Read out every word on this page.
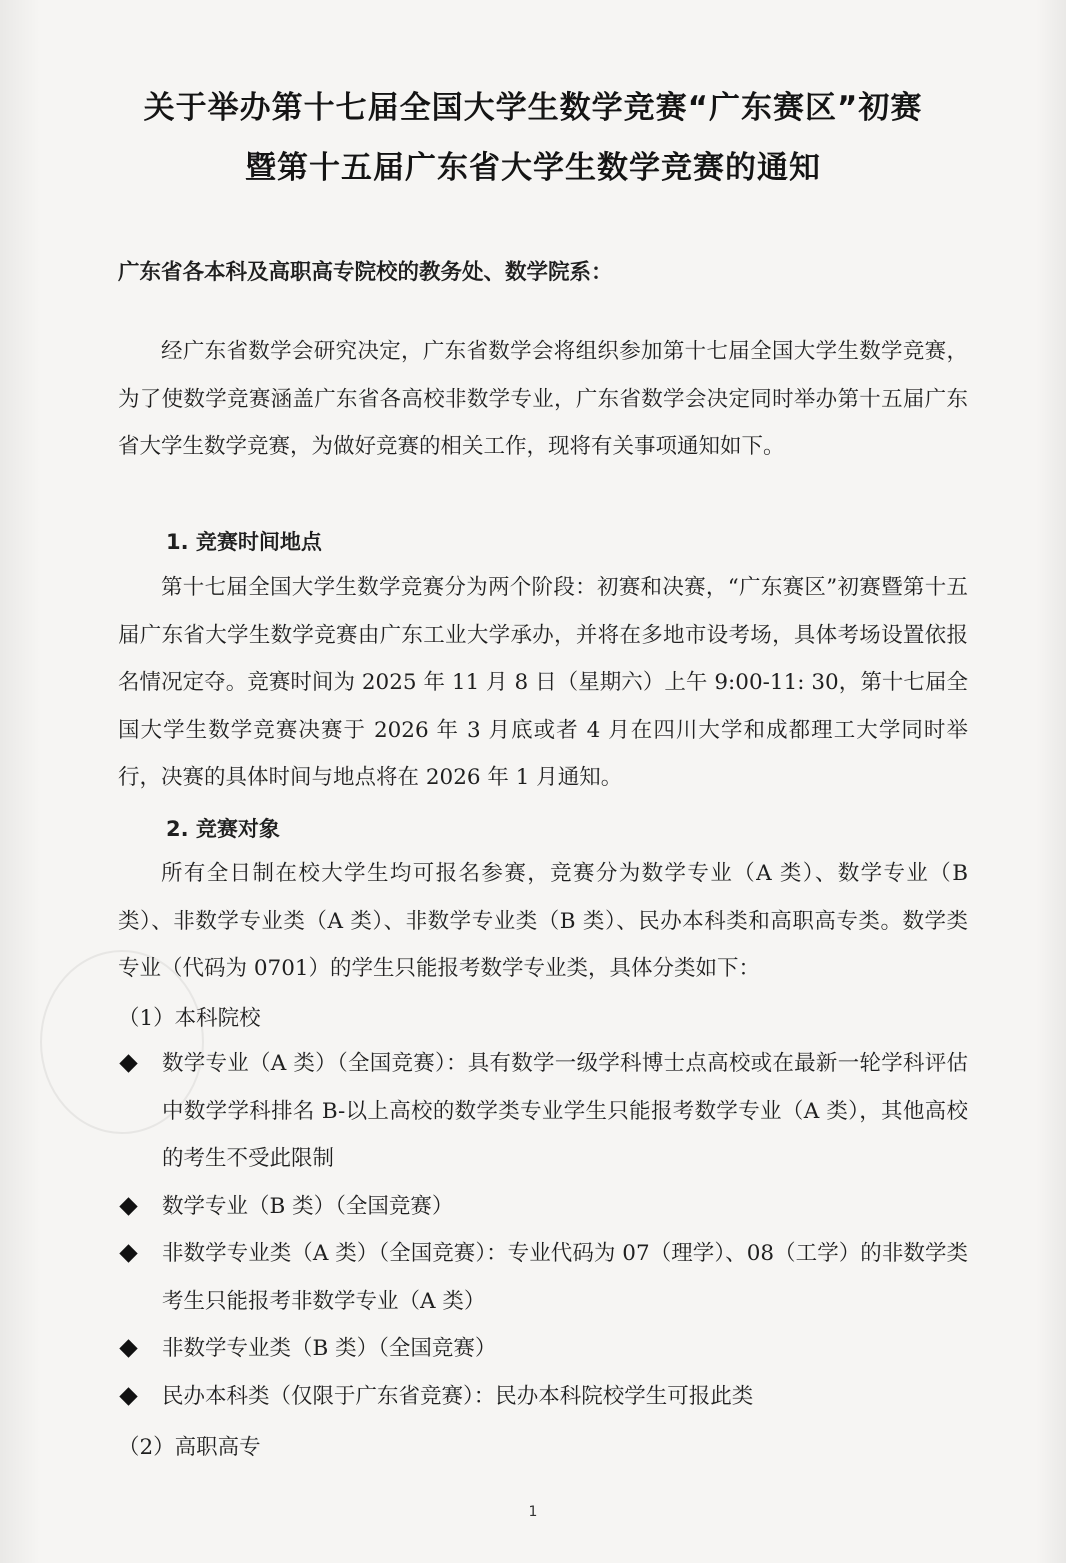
关于举办第十七届全国大学生数学竞赛“广东赛区”初赛
暨第十五届广东省大学生数学竞赛的通知
广东省各本科及高职高专院校的教务处、数学院系：
经广东省数学会研究决定，广东省数学会将组织参加第十七届全国大学生数学竞赛，为了使数学竞赛涵盖广东省各高校非数学专业，广东省数学会决定同时举办第十五届广东省大学生数学竞赛，为做好竞赛的相关工作，现将有关事项通知如下。
1. 竞赛时间地点
第十七届全国大学生数学竞赛分为两个阶段：初赛和决赛，“广东赛区”初赛暨第十五届广东省大学生数学竞赛由广东工业大学承办，并将在多地市设考场，具体考场设置依报名情况定夺。竞赛时间为 2025 年 11 月 8 日（星期六）上午 9:00-11: 30，第十七届全国大学生数学竞赛决赛于 2026 年 3 月底或者 4 月在四川大学和成都理工大学同时举行，决赛的具体时间与地点将在 2026 年 1 月通知。
2. 竞赛对象
所有全日制在校大学生均可报名参赛，竞赛分为数学专业（A 类）、数学专业（B 类）、非数学专业类（A 类）、非数学专业类（B 类）、民办本科类和高职高专类。数学类专业（代码为 0701）的学生只能报考数学专业类，具体分类如下：
（1）本科院校
数学专业（A 类）（全国竞赛）：具有数学一级学科博士点高校或在最新一轮学科评估中数学学科排名 B-以上高校的数学类专业学生只能报考数学专业（A 类），其他高校的考生不受此限制
数学专业（B 类）（全国竞赛）
非数学专业类（A 类）（全国竞赛）：专业代码为 07（理学）、08（工学）的非数学类考生只能报考非数学专业（A 类）
非数学专业类（B 类）（全国竞赛）
民办本科类（仅限于广东省竞赛）：民办本科院校学生可报此类
（2）高职高专
1
